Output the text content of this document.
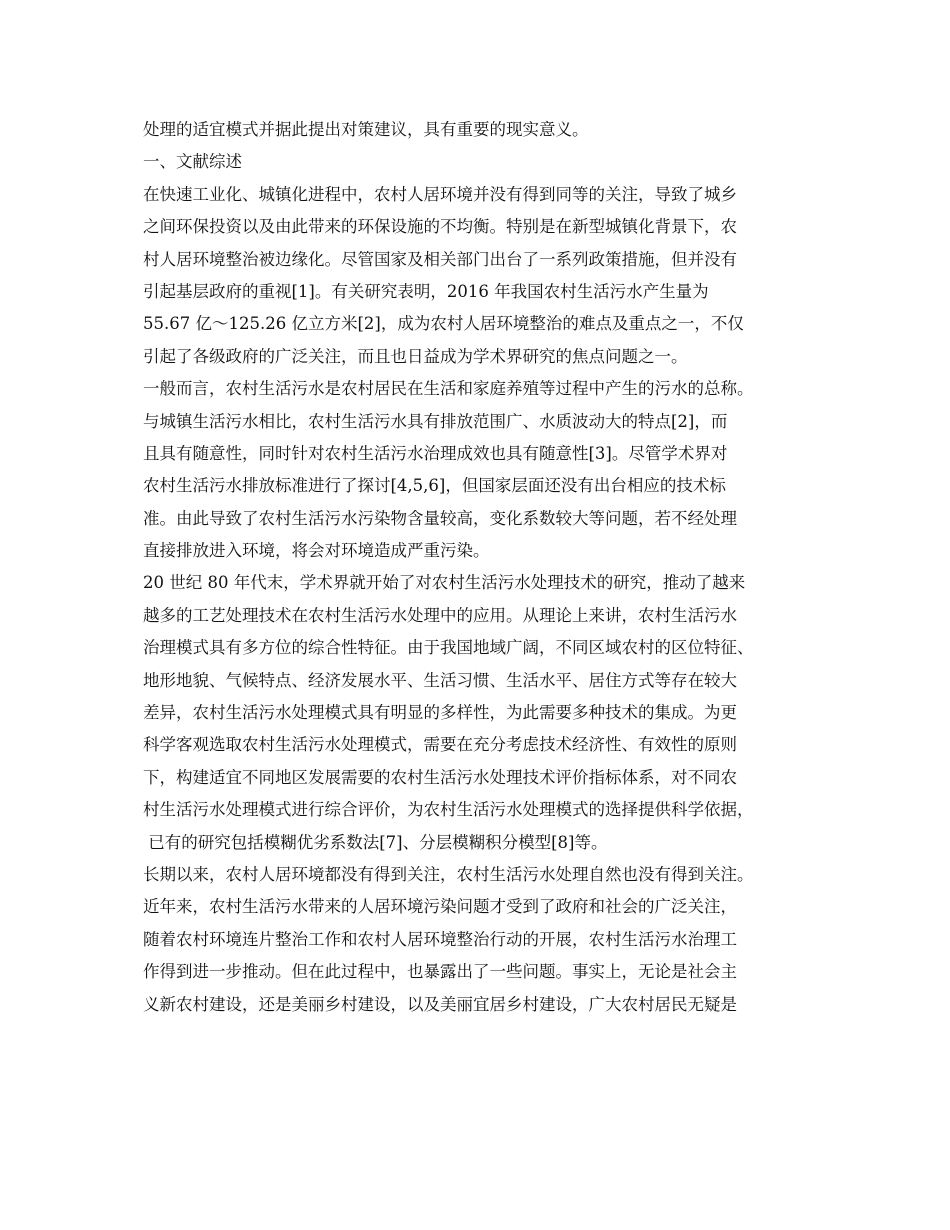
处理的适宜模式并据此提出对策建议，具有重要的现实意义。
一、文献综述
在快速工业化、城镇化进程中，农村人居环境并没有得到同等的关注，导致了城乡
之间环保投资以及由此带来的环保设施的不均衡。特别是在新型城镇化背景下，农
村人居环境整治被边缘化。尽管国家及相关部门出台了一系列政策措施，但并没有
引起基层政府的重视[1]。有关研究表明，2016 年我国农村生活污水产生量为
55.67 亿～125.26 亿立方米[2]，成为农村人居环境整治的难点及重点之一，不仅
引起了各级政府的广泛关注，而且也日益成为学术界研究的焦点问题之一。
一般而言，农村生活污水是农村居民在生活和家庭养殖等过程中产生的污水的总称。
与城镇生活污水相比，农村生活污水具有排放范围广、水质波动大的特点[2]，而
且具有随意性，同时针对农村生活污水治理成效也具有随意性[3]。尽管学术界对
农村生活污水排放标准进行了探讨[4,5,6]，但国家层面还没有出台相应的技术标
准。由此导致了农村生活污水污染物含量较高，变化系数较大等问题，若不经处理
直接排放进入环境，将会对环境造成严重污染。
20 世纪 80 年代末，学术界就开始了对农村生活污水处理技术的研究，推动了越来
越多的工艺处理技术在农村生活污水处理中的应用。从理论上来讲，农村生活污水
治理模式具有多方位的综合性特征。由于我国地域广阔，不同区域农村的区位特征、
地形地貌、气候特点、经济发展水平、生活习惯、生活水平、居住方式等存在较大
差异，农村生活污水处理模式具有明显的多样性，为此需要多种技术的集成。为更
科学客观选取农村生活污水处理模式，需要在充分考虑技术经济性、有效性的原则
下，构建适宜不同地区发展需要的农村生活污水处理技术评价指标体系，对不同农
村生活污水处理模式进行综合评价，为农村生活污水处理模式的选择提供科学依据，
已有的研究包括模糊优劣系数法[7]、分层模糊积分模型[8]等。
长期以来，农村人居环境都没有得到关注，农村生活污水处理自然也没有得到关注。
近年来，农村生活污水带来的人居环境污染问题才受到了政府和社会的广泛关注，
随着农村环境连片整治工作和农村人居环境整治行动的开展，农村生活污水治理工
作得到进一步推动。但在此过程中，也暴露出了一些问题。事实上，无论是社会主
义新农村建设，还是美丽乡村建设，以及美丽宜居乡村建设，广大农村居民无疑是
